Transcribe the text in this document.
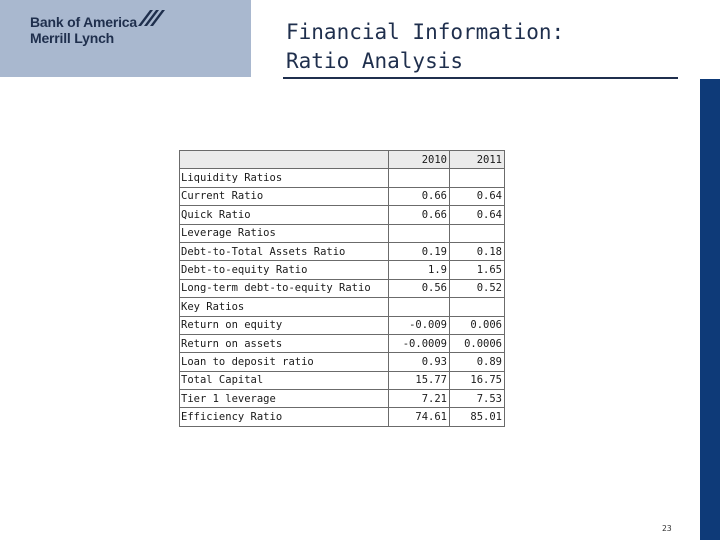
Bank of America
Merrill Lynch	Financial Information:
Ratio Analysis
	2010	2011
Liquidity Ratios		
Current Ratio	0.66	0.64
Quick Ratio	0.66	0.64
Leverage Ratios		
Debt-to-Total Assets Ratio	0.19	0.18
Debt-to-equity Ratio	1.9	1.65
Long-term debt-to-equity Ratio	0.56	0.52
Key Ratios		
Return on equity	-0.009	0.006
Return on assets	-0.0009	0.0006
Loan to deposit ratio	0.93	0.89
Total Capital	15.77	16.75
Tier 1 leverage	7.21	7.53
Efficiency Ratio	74.61	85.01
23
